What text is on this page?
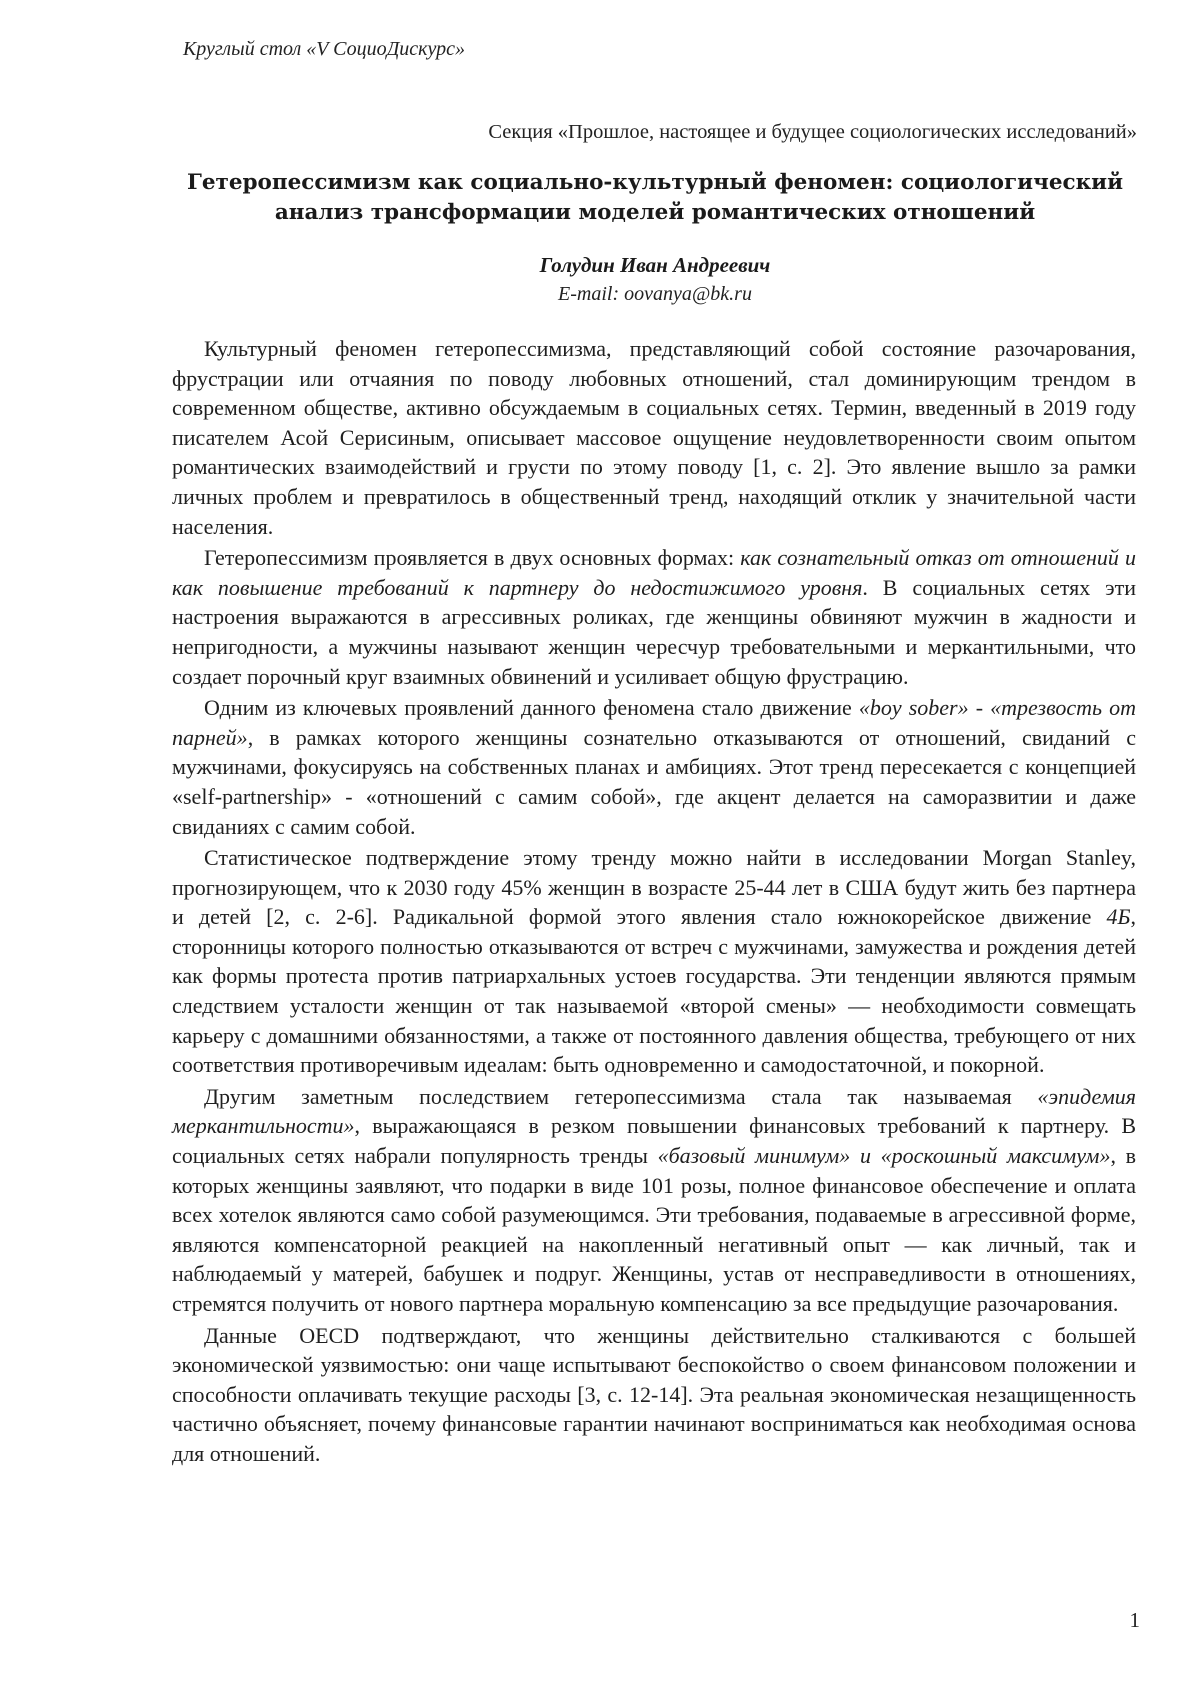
Круглый стол «V СоциоДискурс»
Секция «Прошлое, настоящее и будущее социологических исследований»
Гетеропессимизм как социально-культурный феномен: социологический
анализ трансформации моделей романтических отношений
Голудин Иван Андреевич
E-mail: oovanya@bk.ru

Культурный феномен гетеропессимизма, представляющий собой состояние разочарования, фрустрации или отчаяния по поводу любовных отношений, стал доминирующим трендом в современном обществе, активно обсуждаемым в социальных сетях. Термин, введенный в 2019 году писателем Асой Серисиным, описывает массовое ощущение неудовлетворенности своим опытом романтических взаимодействий и грусти по этому поводу [1, с. 2]. Это явление вышло за рамки личных проблем и превратилось в общественный тренд, находящий отклик у значительной части населения.

Гетеропессимизм проявляется в двух основных формах: как сознательный отказ от отношений и как повышение требований к партнеру до недостижимого уровня. В социальных сетях эти настроения выражаются в агрессивных роликах, где женщины обвиняют мужчин в жадности и непригодности, а мужчины называют женщин чересчур требовательными и меркантильными, что создает порочный круг взаимных обвинений и усиливает общую фрустрацию.

Одним из ключевых проявлений данного феномена стало движение «boy sober» - «трезвость от парней», в рамках которого женщины сознательно отказываются от отношений, свиданий с мужчинами, фокусируясь на собственных планах и амбициях. Этот тренд пересекается с концепцией «self-partnership» - «отношений с самим собой», где акцент делается на саморазвитии и даже свиданиях с самим собой.

Статистическое подтверждение этому тренду можно найти в исследовании Morgan Stanley, прогнозирующем, что к 2030 году 45% женщин в возрасте 25-44 лет в США будут жить без партнера и детей [2, с. 2-6]. Радикальной формой этого явления стало южнокорейское движение 4Б, сторонницы которого полностью отказываются от встреч с мужчинами, замужества и рождения детей как формы протеста против патриархальных устоев государства. Эти тенденции являются прямым следствием усталости женщин от так называемой «второй смены» — необходимости совмещать карьеру с домашними обязанностями, а также от постоянного давления общества, требующего от них соответствия противоречивым идеалам: быть одновременно и самодостаточной, и покорной.

Другим заметным последствием гетеропессимизма стала так называемая «эпидемия меркантильности», выражающаяся в резком повышении финансовых требований к партнеру. В социальных сетях набрали популярность тренды «базовый минимум» и «роскошный максимум», в которых женщины заявляют, что подарки в виде 101 розы, полное финансовое обеспечение и оплата всех хотелок являются само собой разумеющимся. Эти требования, подаваемые в агрессивной форме, являются компенсаторной реакцией на накопленный негативный опыт — как личный, так и наблюдаемый у матерей, бабушек и подруг. Женщины, устав от несправедливости в отношениях, стремятся получить от нового партнера моральную компенсацию за все предыдущие разочарования.

Данные OECD подтверждают, что женщины действительно сталкиваются с большей экономической уязвимостью: они чаще испытывают беспокойство о своем финансовом положении и способности оплачивать текущие расходы [3, с. 12-14]. Эта реальная экономическая незащищенность частично объясняет, почему финансовые гарантии начинают восприниматься как необходимая основа для отношений.

1
